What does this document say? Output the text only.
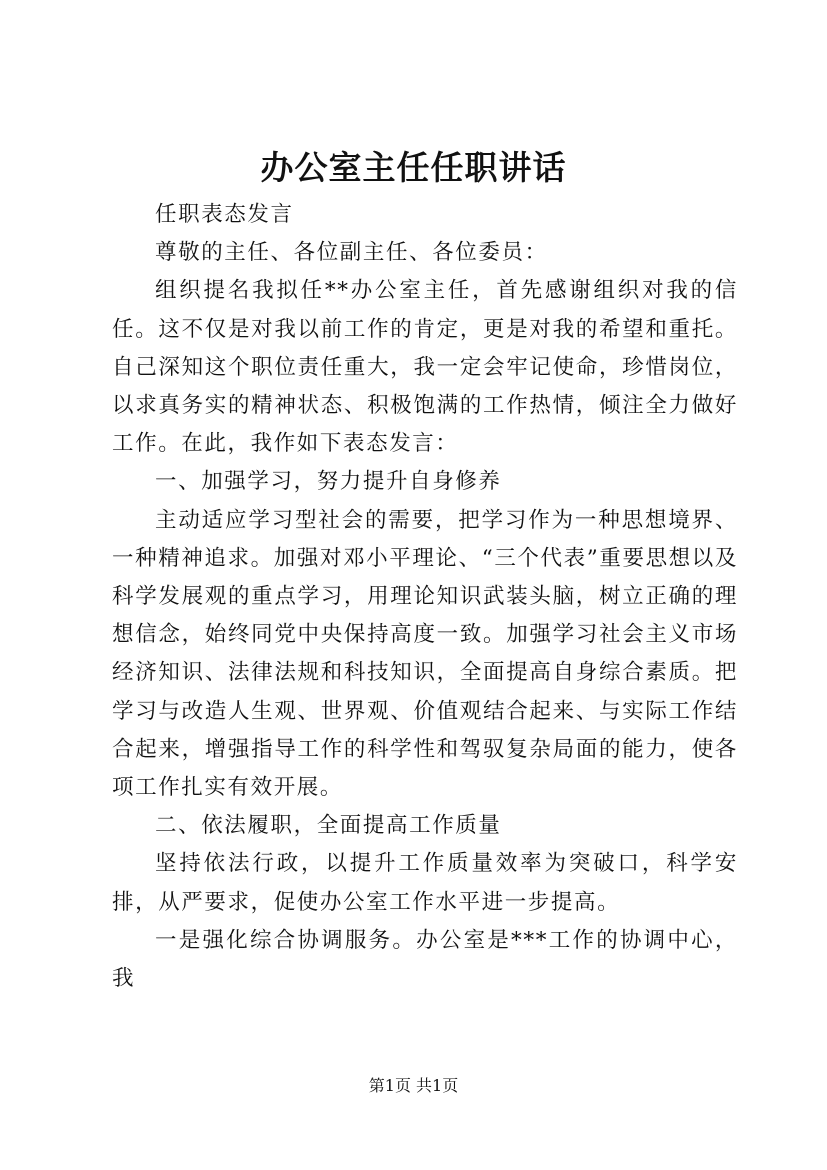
办公室主任任职讲话

任职表态发言

尊敬的主任、各位副主任、各位委员：

组织提名我拟任**办公室主任，首先感谢组织对我的信任。这不仅是对我以前工作的肯定，更是对我的希望和重托。自己深知这个职位责任重大，我一定会牢记使命，珍惜岗位，以求真务实的精神状态、积极饱满的工作热情，倾注全力做好工作。在此，我作如下表态发言：

一、加强学习，努力提升自身修养

主动适应学习型社会的需要，把学习作为一种思想境界、一种精神追求。加强对邓小平理论、“三个代表”重要思想以及科学发展观的重点学习，用理论知识武装头脑，树立正确的理想信念，始终同党中央保持高度一致。加强学习社会主义市场经济知识、法律法规和科技知识，全面提高自身综合素质。把学习与改造人生观、世界观、价值观结合起来、与实际工作结合起来，增强指导工作的科学性和驾驭复杂局面的能力，使各项工作扎实有效开展。

二、依法履职，全面提高工作质量

坚持依法行政，以提升工作质量效率为突破口，科学安排，从严要求，促使办公室工作水平进一步提高。

一是强化综合协调服务。办公室是***工作的协调中心，我

第1页 共1页
